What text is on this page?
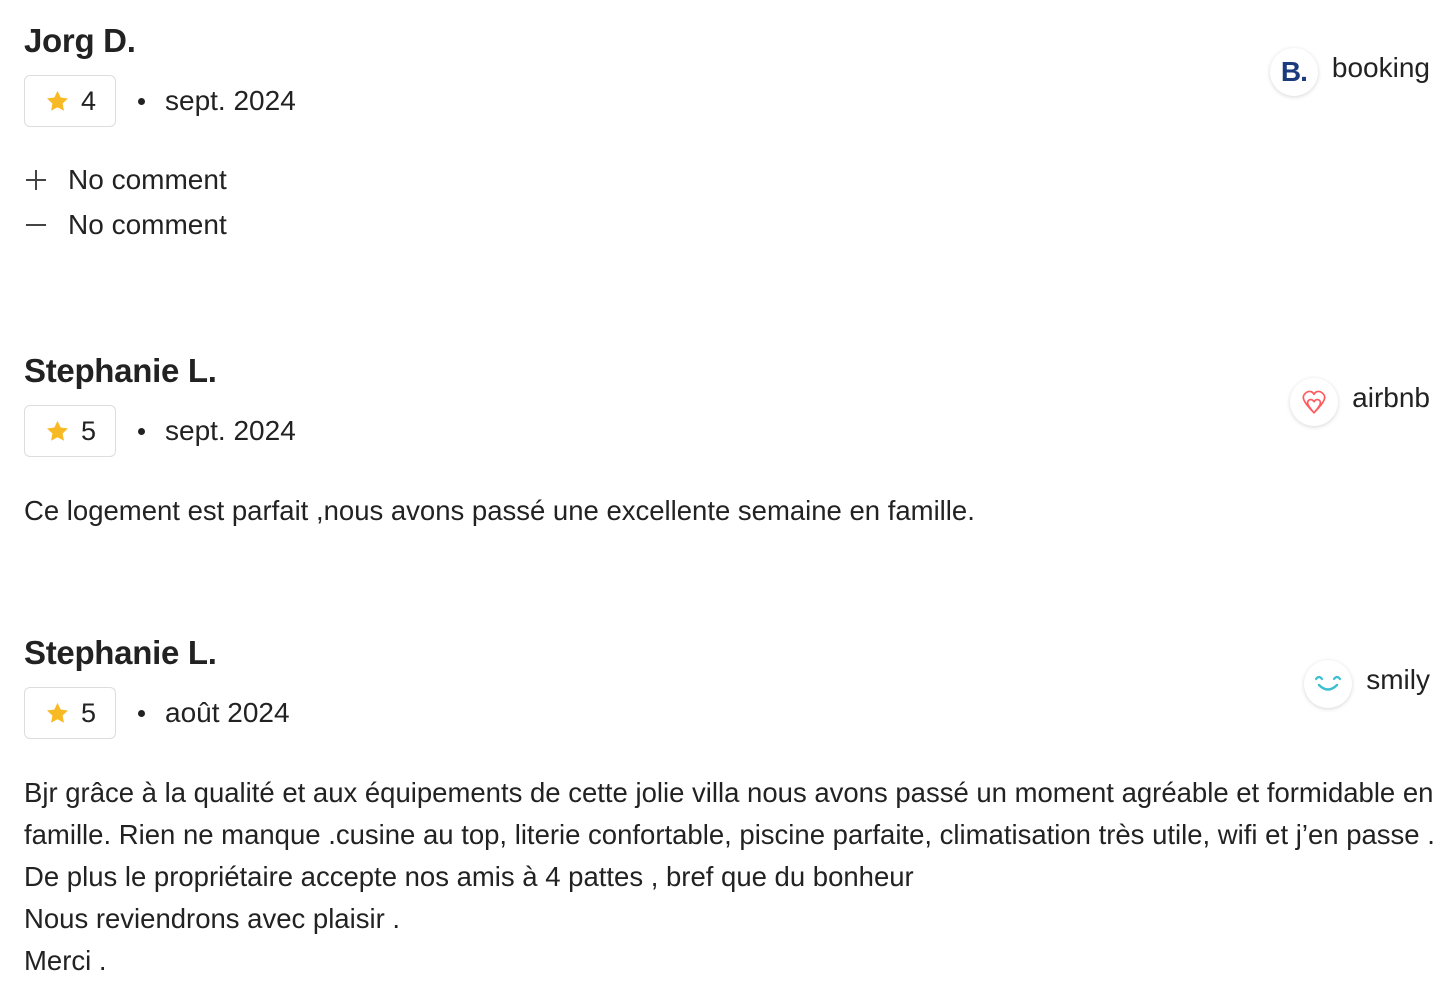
Jorg D.
4 sept. 2024
B. booking
No comment
No comment
Stephanie L.
5 sept. 2024
airbnb

Ce logement est parfait ,nous avons passé une excellente semaine en famille.

Stephanie L.
5 août 2024
smily

Bjr grâce à la qualité et aux équipements de cette jolie villa nous avons passé un moment agréable et formidable en
famille. Rien ne manque .cusine au top, literie confortable, piscine parfaite, climatisation très utile, wifi et j’en passe .
De plus le propriétaire accepte nos amis à 4 pattes , bref que du bonheur
Nous reviendrons avec plaisir .
Merci .
